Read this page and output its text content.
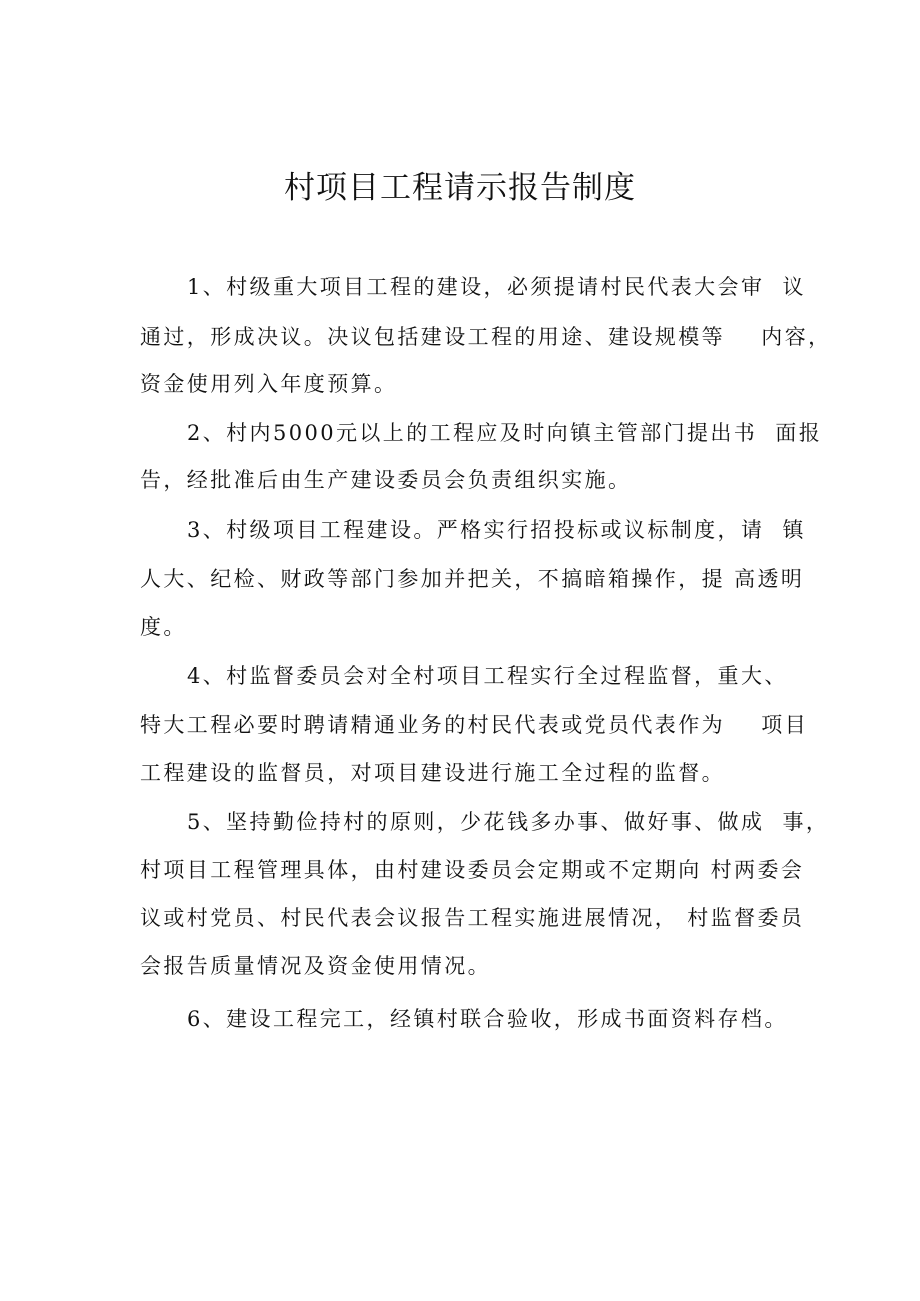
村项目工程请示报告制度
1、村级重大项目工程的建设，必须提请村民代表大会审  议
通过，形成决议。决议包括建设工程的用途、建设规模等    内容，
资金使用列入年度预算。
2、村内5000元以上的工程应及时向镇主管部门提出书  面报
告，经批准后由生产建设委员会负责组织实施。
3、村级项目工程建设。严格实行招投标或议标制度，请  镇
人大、纪检、财政等部门参加并把关，不搞暗箱操作，提 高透明
度。
4、村监督委员会对全村项目工程实行全过程监督，重大、
特大工程必要时聘请精通业务的村民代表或党员代表作为    项目
工程建设的监督员，对项目建设进行施工全过程的监督。
5、坚持勤俭持村的原则，少花钱多办事、做好事、做成  事，
村项目工程管理具体，由村建设委员会定期或不定期向 村两委会
议或村党员、村民代表会议报告工程实施进展情况， 村监督委员
会报告质量情况及资金使用情况。
6、建设工程完工，经镇村联合验收，形成书面资料存档。
